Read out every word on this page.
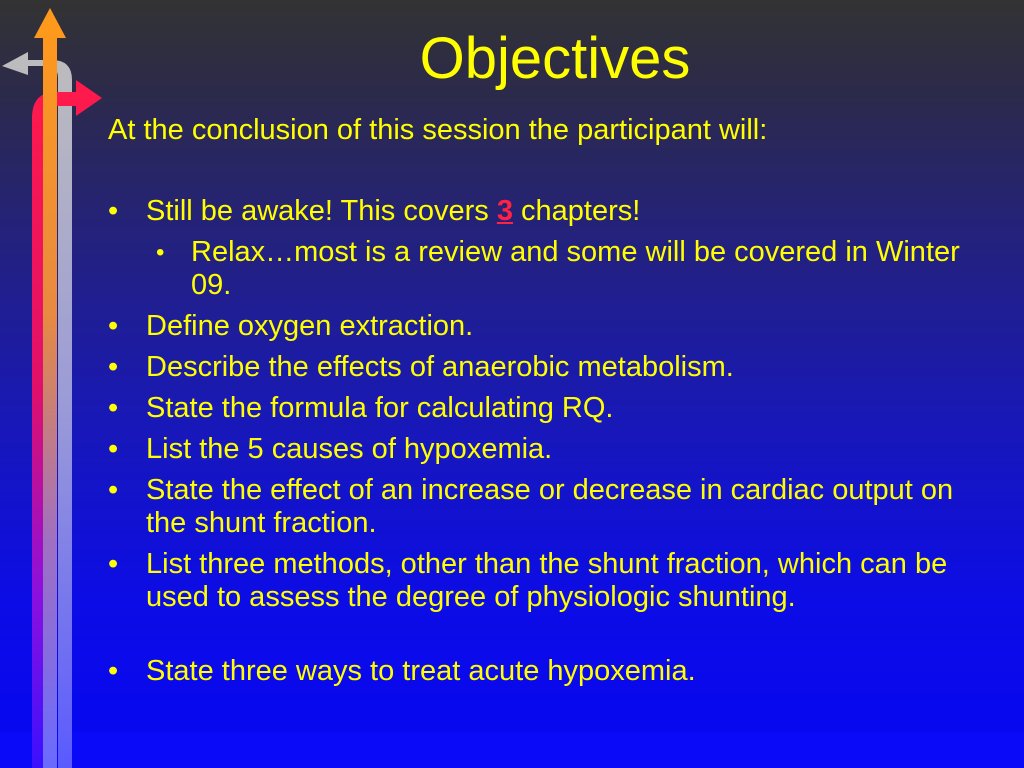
Objectives
At the conclusion of this session the participant will:
• Still be awake! This covers 3 chapters!
• Relax…most is a review and some will be covered in Winter 09.
• Define oxygen extraction.
• Describe the effects of anaerobic metabolism.
• State the formula for calculating RQ.
• List the 5 causes of hypoxemia.
• State the effect of an increase or decrease in cardiac output on the shunt fraction.
• List three methods, other than the shunt fraction, which can be used to assess the degree of physiologic shunting.
• State three ways to treat acute hypoxemia.
